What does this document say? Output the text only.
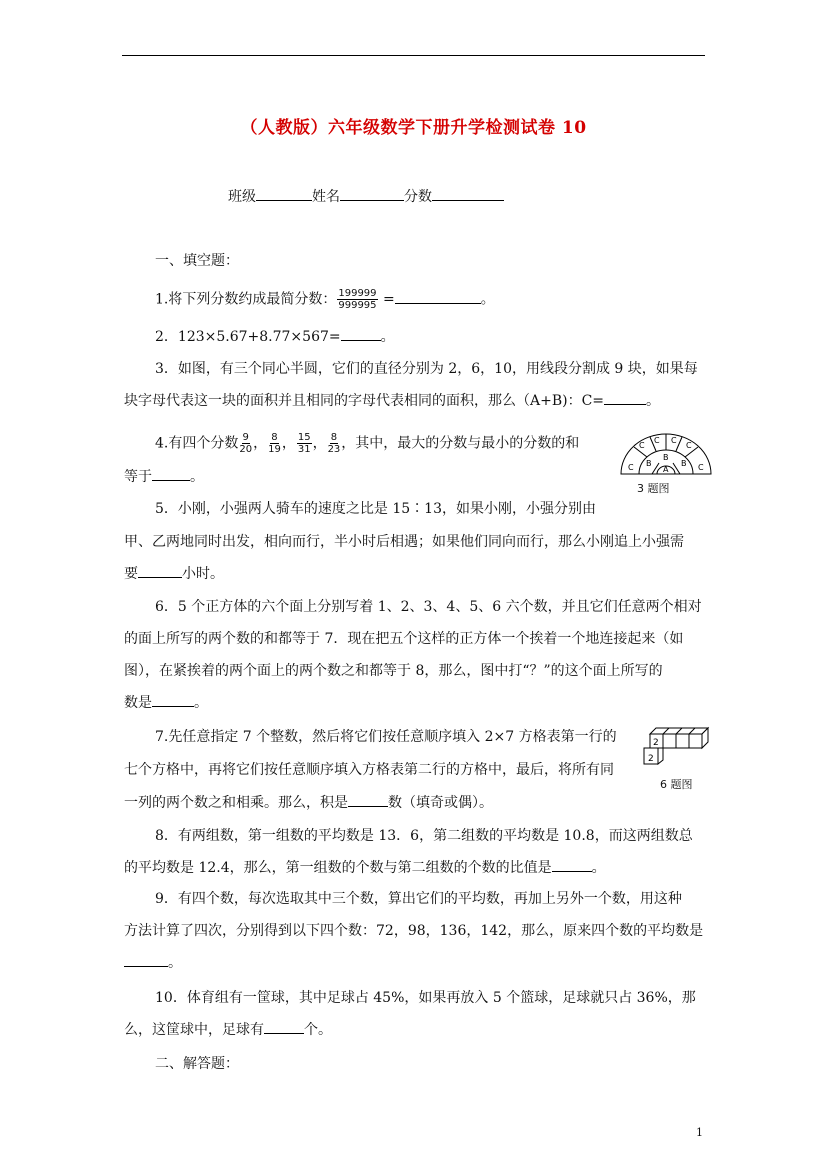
（人教版）六年级数学下册升学检测试卷 10
班级	姓名	分数
一、填空题：
1.将下列分数约成最简分数： $\frac{199999}{999995}$ =	。
2．123×5.67+8.77×567=	。
3．如图，有三个同心半圆，它们的直径分别为 2，6，10，用线段分割成 9 块，如果每
块字母代表这一块的面积并且相同的字母代表相同的面积，那么（A+B)：C=	。
4.有四个分数 $\frac{9}{20}$ ， $\frac{8}{19}$ ， $\frac{15}{31}$ ， $\frac{8}{23}$ ，其中，最大的分数与最小的分数的和
等于	。
C
C C
C
B
B
B
A
C	C
3 题图
5．小刚，小强两人骑车的速度之比是 15∶13，如果小刚，小强分别由
甲、乙两地同时出发，相向而行，半小时后相遇；如果他们同向而行，那么小刚追上小强需
要	小时。
6．5 个正方体的六个面上分别写着 1、2、3、4、5、6 六个数，并且它们任意两个相对
的面上所写的两个数的和都等于 7．现在把五个这样的正方体一个挨着一个地连接起来（如
图），在紧挨着的两个面上的两个数之和都等于 8，那么，图中打“？”的这个面上所写的
数是	。
2
2
6 题图
7.先任意指定 7 个整数，然后将它们按任意顺序填入 2×7 方格表第一行的
七个方格中，再将它们按任意顺序填入方格表第二行的方格中，最后，将所有同
一列的两个数之和相乘。那么，积是	数（填奇或偶）。
8．有两组数，第一组数的平均数是 13．6，第二组数的平均数是 10.8，而这两组数总
的平均数是 12.4，那么，第一组数的个数与第二组数的个数的比值是	。
9．有四个数，每次选取其中三个数，算出它们的平均数，再加上另外一个数，用这种
方法计算了四次，分别得到以下四个数：72，98，136，142，那么，原来四个数的平均数是
。
10．体育组有一筐球，其中足球占 45%，如果再放入 5 个篮球，足球就只占 36%，那
么，这筐球中，足球有	个。
二、解答题：
1
